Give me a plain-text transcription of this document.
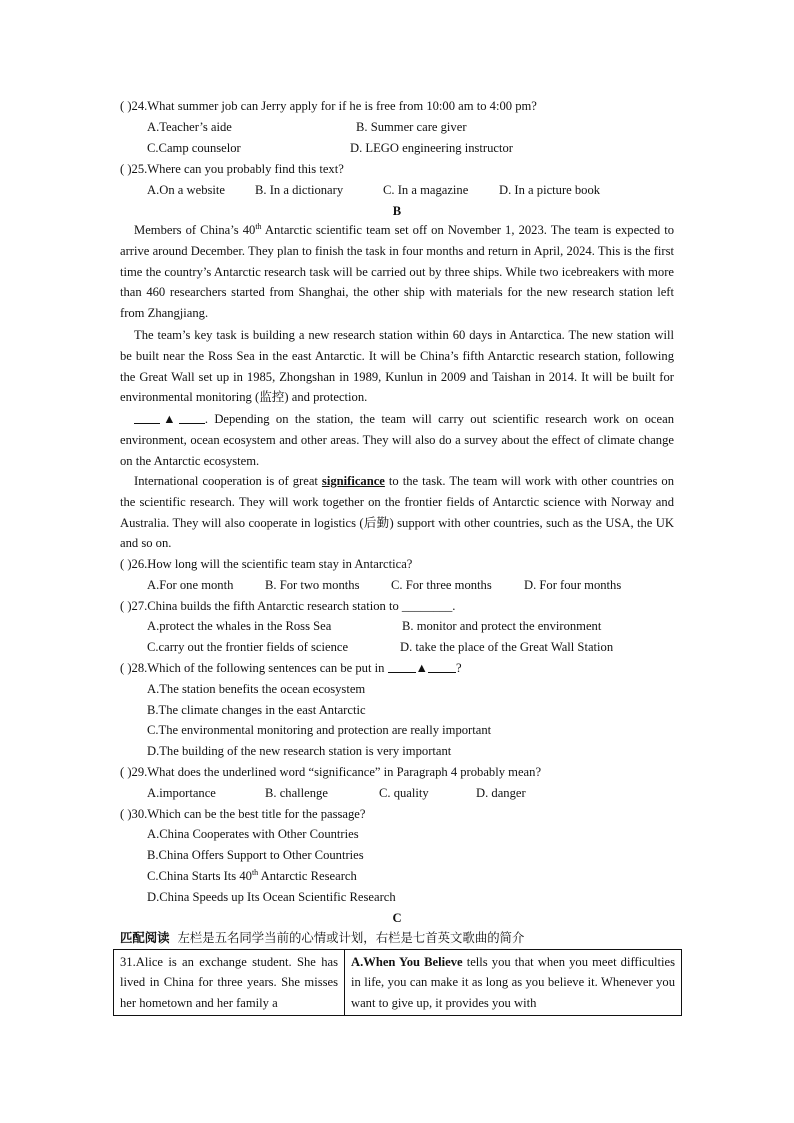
( )24.What summer job can Jerry apply for if he is free from 10:00 am to 4:00 pm?
A.Teacher’s aide	B. Summer care giver
C.Camp counselor	D. LEGO engineering instructor
( )25.Where can you probably find this text?
A.On a website B. In a dictionary	C. In a magazine D. In a picture book
B
Members of China’s 40th Antarctic scientific team set off on November 1, 2023. The team is expected to arrive around December. They plan to finish the task in four months and return in April, 2024. This is the first time the country’s Antarctic research task will be carried out by three ships. While two icebreakers with more than 460 researchers started from Shanghai, the other ship with materials for the new research station left from Zhangjiang.
The team’s key task is building a new research station within 60 days in Antarctica. The new station will be built near the Ross Sea in the east Antarctic. It will be China’s fifth Antarctic research station, following the Great Wall set up in 1985, Zhongshan in 1989, Kunlun in 2009 and Taishan in 2014. It will be built for environmental monitoring (监控) and protection.
▲ . Depending on the station, the team will carry out scientific research work on ocean environment, ocean ecosystem and other areas. They will also do a survey about the effect of climate change on the Antarctic ecosystem.
International cooperation is of great significance to the task. The team will work with other countries on the scientific research. They will work together on the frontier fields of Antarctic science with Norway and Australia. They will also cooperate in logistics (后勤) support with other countries, such as the USA, the UK and so on.
( )26.How long will the scientific team stay in Antarctica?
A.For one month	B. For two months	C. For three months	D. For four months
( )27.China builds the fifth Antarctic research station to ________.
A.protect the whales in the Ross Sea	B. monitor and protect the environment
C.carry out the frontier fields of science	D. take the place of the Great Wall Station
( )28.Which of the following sentences can be put in ▲ ?
A.The station benefits the ocean ecosystem
B.The climate changes in the east Antarctic
C.The environmental monitoring and protection are really important
D.The building of the new research station is very important
( )29.What does the underlined word “significance” in Paragraph 4 probably mean?
A.importance	B. challenge	C. quality	D. danger
( )30.Which can be the best title for the passage?
A.China Cooperates with Other Countries
B.China Offers Support to Other Countries
C.China Starts Its 40th Antarctic Research
D.China Speeds up Its Ocean Scientific Research
C
匹配阅读 左栏是五名同学当前的心情或计划，右栏是七首英文歌曲的简介
31.Alice is an exchange student. She has lived in China for three years. She misses her hometown and her family a	A.When You Believe tells you that when you meet difficulties in life, you can make it as long as you believe it. Whenever you want to give up, it provides you with
